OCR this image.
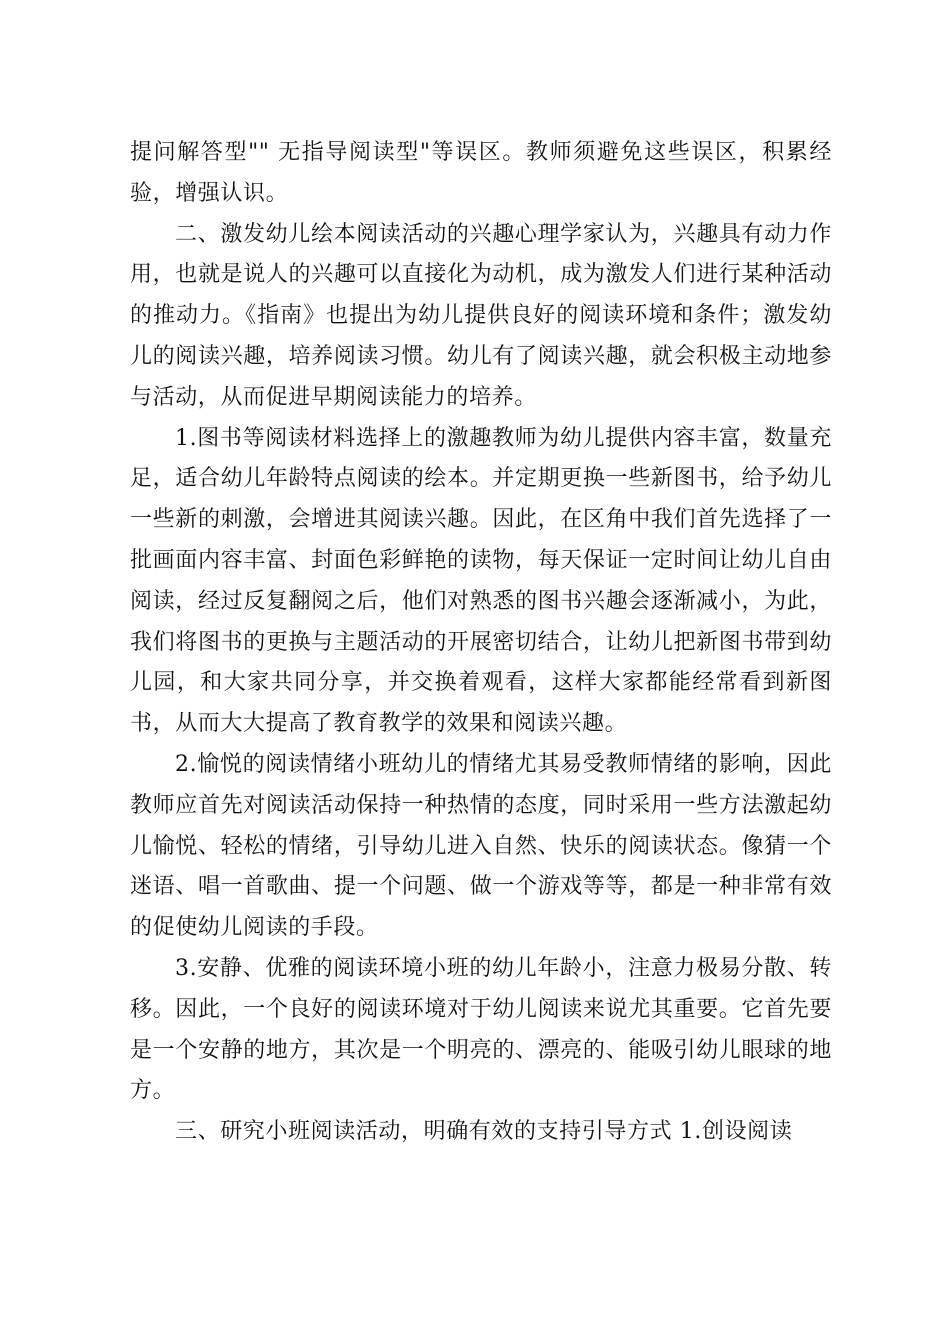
提问解答型"" 无指导阅读型"等误区。教师须避免这些误区，积累经验，增强认识。

二、激发幼儿绘本阅读活动的兴趣心理学家认为，兴趣具有动力作用，也就是说人的兴趣可以直接化为动机，成为激发人们进行某种活动的推动力。《指南》也提出为幼儿提供良好的阅读环境和条件；激发幼儿的阅读兴趣，培养阅读习惯。幼儿有了阅读兴趣，就会积极主动地参与活动，从而促进早期阅读能力的培养。

1.图书等阅读材料选择上的激趣教师为幼儿提供内容丰富，数量充足，适合幼儿年龄特点阅读的绘本。并定期更换一些新图书，给予幼儿一些新的刺激，会增进其阅读兴趣。因此，在区角中我们首先选择了一批画面内容丰富、封面色彩鲜艳的读物，每天保证一定时间让幼儿自由阅读，经过反复翻阅之后，他们对熟悉的图书兴趣会逐渐减小，为此，我们将图书的更换与主题活动的开展密切结合，让幼儿把新图书带到幼儿园，和大家共同分享，并交换着观看，这样大家都能经常看到新图书，从而大大提高了教育教学的效果和阅读兴趣。

2.愉悦的阅读情绪小班幼儿的情绪尤其易受教师情绪的影响，因此教师应首先对阅读活动保持一种热情的态度，同时采用一些方法激起幼儿愉悦、轻松的情绪，引导幼儿进入自然、快乐的阅读状态。像猜一个迷语、唱一首歌曲、提一个问题、做一个游戏等等，都是一种非常有效的促使幼儿阅读的手段。

3.安静、优雅的阅读环境小班的幼儿年龄小，注意力极易分散、转移。因此，一个良好的阅读环境对于幼儿阅读来说尤其重要。它首先要是一个安静的地方，其次是一个明亮的、漂亮的、能吸引幼儿眼球的地方。

三、研究小班阅读活动，明确有效的支持引导方式 1.创设阅读
